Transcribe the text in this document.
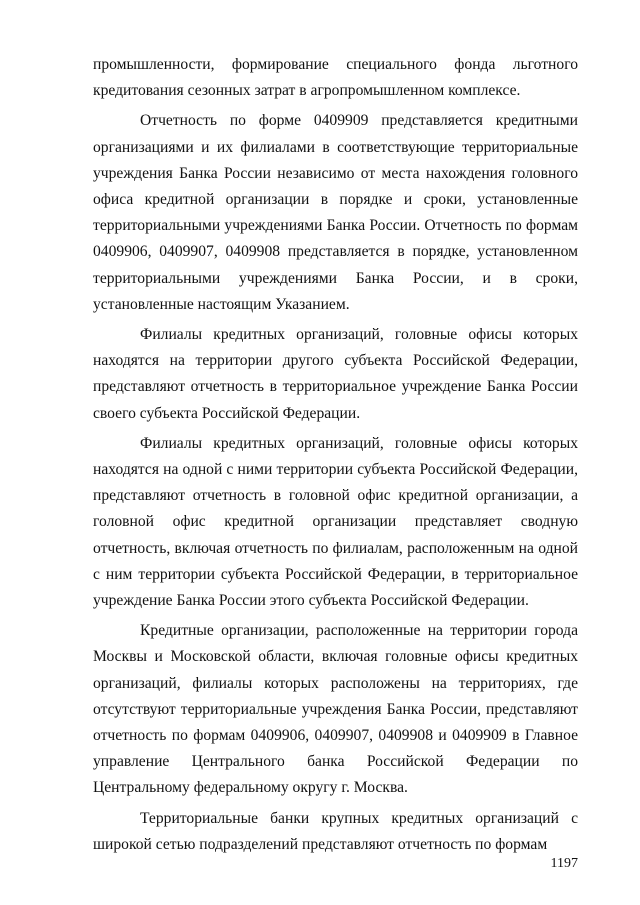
промышленности, формирование специального фонда льготного кредитования сезонных затрат в агропромышленном комплексе.

Отчетность по форме 0409909 представляется кредитными организациями и их филиалами в соответствующие территориальные учреждения Банка России независимо от места нахождения головного офиса кредитной организации в порядке и сроки, установленные территориальными учреждениями Банка России. Отчетность по формам 0409906, 0409907, 0409908 представляется в порядке, установленном территориальными учреждениями Банка России, и в сроки, установленные настоящим Указанием.

Филиалы кредитных организаций, головные офисы которых находятся на территории другого субъекта Российской Федерации, представляют отчетность в территориальное учреждение Банка России своего субъекта Российской Федерации.

Филиалы кредитных организаций, головные офисы которых находятся на одной с ними территории субъекта Российской Федерации, представляют отчетность в головной офис кредитной организации, а головной офис кредитной организации представляет сводную отчетность, включая отчетность по филиалам, расположенным на одной с ним территории субъекта Российской Федерации, в территориальное учреждение Банка России этого субъекта Российской Федерации.

Кредитные организации, расположенные на территории города Москвы и Московской области, включая головные офисы кредитных организаций, филиалы которых расположены на территориях, где отсутствуют территориальные учреждения Банка России, представляют отчетность по формам 0409906, 0409907, 0409908 и 0409909 в Главное управление Центрального банка Российской Федерации по Центральному федеральному округу г. Москва.

Территориальные банки крупных кредитных организаций с широкой сетью подразделений представляют отчетность по формам

1197
